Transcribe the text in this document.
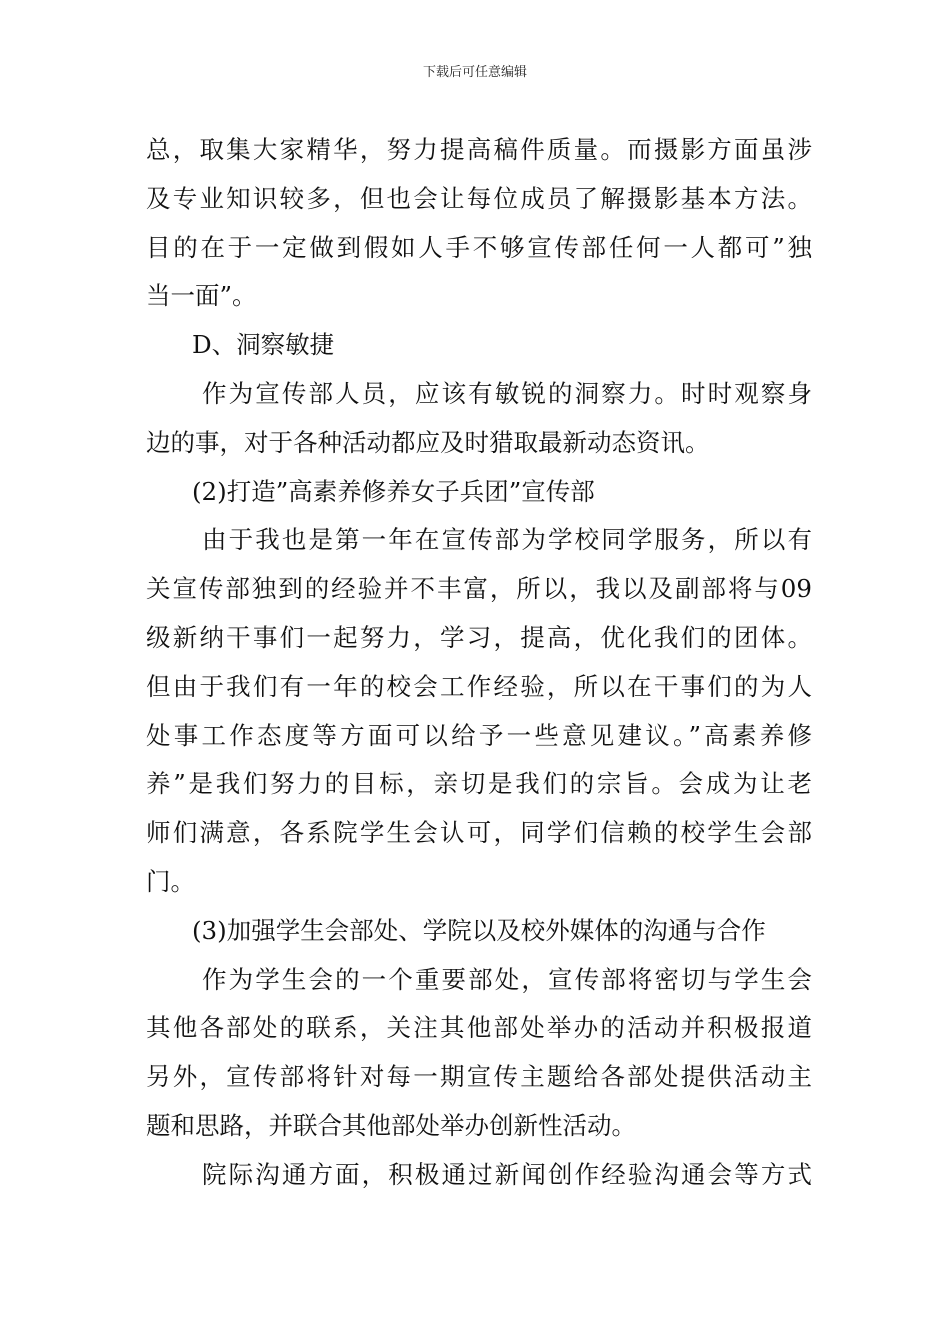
下载后可任意编辑
总，取集大家精华，努力提高稿件质量。而摄影方面虽涉
及专业知识较多，但也会让每位成员了解摄影基本方法。
目的在于一定做到假如人手不够宣传部任何一人都可”独
当一面”。
D、洞察敏捷
作为宣传部人员，应该有敏锐的洞察力。时时观察身
边的事，对于各种活动都应及时猎取最新动态资讯。
(2)打造”高素养修养女子兵团”宣传部
由于我也是第一年在宣传部为学校同学服务，所以有
关宣传部独到的经验并不丰富，所以，我以及副部将与09
级新纳干事们一起努力，学习，提高，优化我们的团体。
但由于我们有一年的校会工作经验，所以在干事们的为人
处事工作态度等方面可以给予一些意见建议。”高素养修
养”是我们努力的目标，亲切是我们的宗旨。会成为让老
师们满意，各系院学生会认可，同学们信赖的校学生会部
门。
(3)加强学生会部处、学院以及校外媒体的沟通与合作
作为学生会的一个重要部处，宣传部将密切与学生会
其他各部处的联系，关注其他部处举办的活动并积极报道
另外，宣传部将针对每一期宣传主题给各部处提供活动主
题和思路，并联合其他部处举办创新性活动。
院际沟通方面，积极通过新闻创作经验沟通会等方式
